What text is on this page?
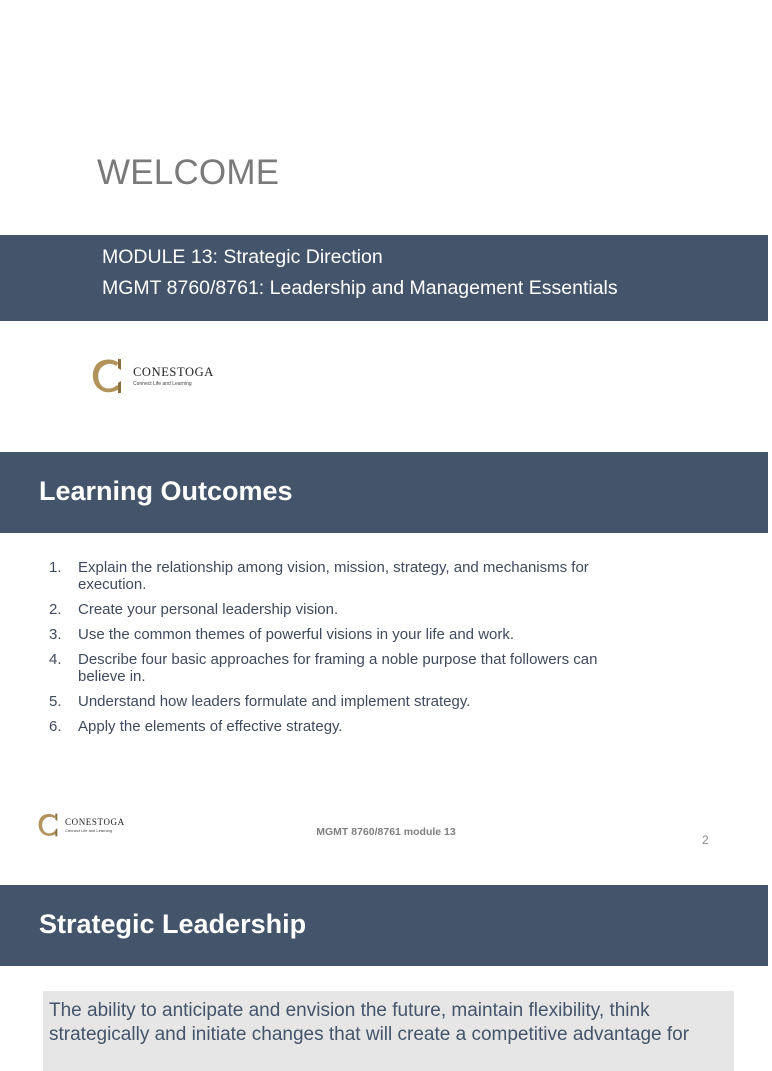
WELCOME
MODULE 13: Strategic Direction
MGMT 8760/8761: Leadership and Management Essentials
CONESTOGA
Connect Life and Learning
Learning Outcomes
1. Explain the relationship among vision, mission, strategy, and mechanisms for execution.
2. Create your personal leadership vision.
3. Use the common themes of powerful visions in your life and work.
4. Describe four basic approaches for framing a noble purpose that followers can believe in.
5. Understand how leaders formulate and implement strategy.
6. Apply the elements of effective strategy.
CONESTOGA
Connect Life and Learning	MGMT 8760/8761 module 13
2
Strategic Leadership
The ability to anticipate and envision the future, maintain flexibility, think strategically and initiate changes that will create a competitive advantage for
